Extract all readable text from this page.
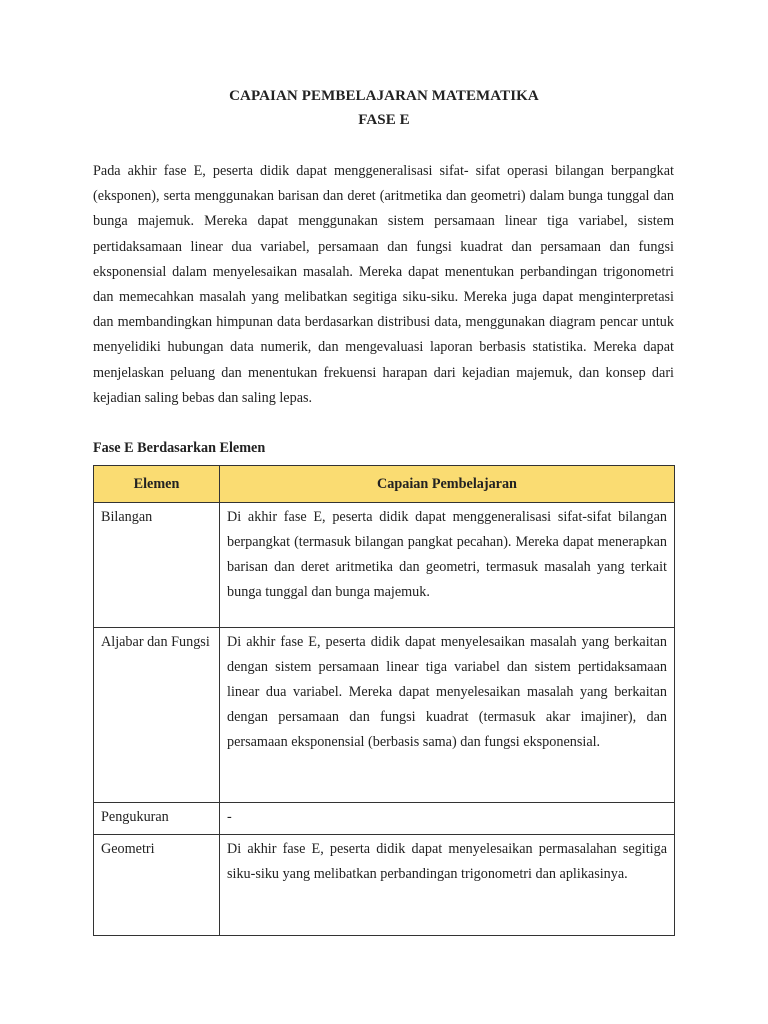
CAPAIAN PEMBELAJARAN MATEMATIKA
FASE E

Pada akhir fase E, peserta didik dapat menggeneralisasi sifat- sifat operasi bilangan berpangkat (eksponen), serta menggunakan barisan dan deret (aritmetika dan geometri) dalam bunga tunggal dan bunga majemuk. Mereka dapat menggunakan sistem persamaan linear tiga variabel, sistem pertidaksamaan linear dua variabel, persamaan dan fungsi kuadrat dan persamaan dan fungsi eksponensial dalam menyelesaikan masalah. Mereka dapat menentukan perbandingan trigonometri dan memecahkan masalah yang melibatkan segitiga siku-siku. Mereka juga dapat menginterpretasi dan membandingkan himpunan data berdasarkan distribusi data, menggunakan diagram pencar untuk menyelidiki hubungan data numerik, dan mengevaluasi laporan berbasis statistika. Mereka dapat menjelaskan peluang dan menentukan frekuensi harapan dari kejadian majemuk, dan konsep dari kejadian saling bebas dan saling lepas.

Fase E Berdasarkan Elemen
Elemen	Capaian Pembelajaran
Bilangan	Di akhir fase E, peserta didik dapat menggeneralisasi sifat-sifat bilangan berpangkat (termasuk bilangan pangkat pecahan). Mereka dapat menerapkan barisan dan deret aritmetika dan geometri, termasuk masalah yang terkait bunga tunggal dan bunga majemuk.
Aljabar dan Fungsi	Di akhir fase E, peserta didik dapat menyelesaikan masalah yang berkaitan dengan sistem persamaan linear tiga variabel dan sistem pertidaksamaan linear dua variabel. Mereka dapat menyelesaikan masalah yang berkaitan dengan persamaan dan fungsi kuadrat (termasuk akar imajiner), dan persamaan eksponensial (berbasis sama) dan fungsi eksponensial.
Pengukuran	-
Geometri	Di akhir fase E, peserta didik dapat menyelesaikan permasalahan segitiga siku-siku yang melibatkan perbandingan trigonometri dan aplikasinya.
